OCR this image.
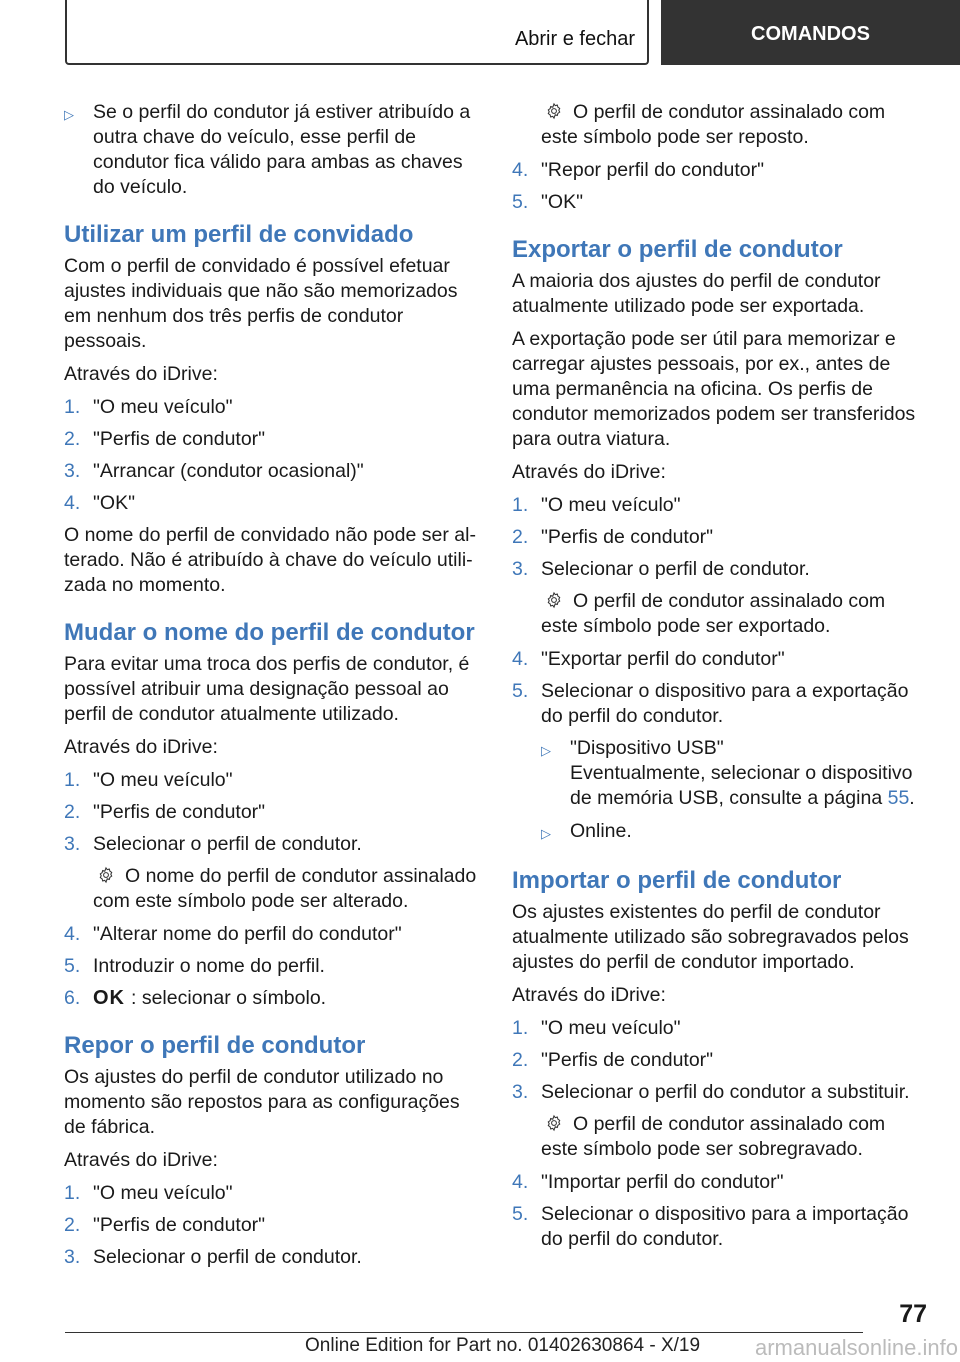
Abrir e fechar	COMANDOS
▷ Se o perfil do condutor já estiver atribuído a outra chave do veículo, esse perfil de condutor fica válido para ambas as chaves do veículo.
Utilizar um perfil de convidado

Com o perfil de convidado é possível efetuar ajustes individuais que não são memorizados em nenhum dos três perfis de condutor pessoais.

Através do iDrive:

1. "O meu veículo"
2. "Perfis de condutor"
3. "Arrancar (condutor ocasional)"
4. "OK"

O nome do perfil de convidado não pode ser alterado. Não é atribuído à chave do veículo utilizada no momento.

Mudar o nome do perfil de condutor

Para evitar uma troca dos perfis de condutor, é possível atribuir uma designação pessoal ao perfil de condutor atualmente utilizado.

Através do iDrive:

1. "O meu veículo"
2. "Perfis de condutor"
3. Selecionar o perfil de condutor.
O nome do perfil de condutor assinalado com este símbolo pode ser alterado.
4. "Alterar nome do perfil do condutor"
5. Introduzir o nome do perfil.
6. OK : selecionar o símbolo.
Repor o perfil de condutor

Os ajustes do perfil de condutor utilizado no momento são repostos para as configurações de fábrica.

Através do iDrive:

1. "O meu veículo"
2. "Perfis de condutor"
3. Selecionar o perfil de condutor.
O perfil de condutor assinalado com este símbolo pode ser reposto.
4. "Repor perfil do condutor"
5. "OK"
Exportar o perfil de condutor

A maioria dos ajustes do perfil de condutor atualmente utilizado pode ser exportada.

A exportação pode ser útil para memorizar e carregar ajustes pessoais, por ex., antes de uma permanência na oficina. Os perfis de condutor memorizados podem ser transferidos para outra viatura.

Através do iDrive:

1. "O meu veículo"
2. "Perfis de condutor"
3. Selecionar o perfil de condutor.
O perfil de condutor assinalado com este símbolo pode ser exportado.
4. "Exportar perfil do condutor"
5. Selecionar o dispositivo para a exportação do perfil do condutor.
▷ "Dispositivo USB"
Eventualmente, selecionar o dispositivo de memória USB, consulte a página 55.
▷ Online.
Importar o perfil de condutor

Os ajustes existentes do perfil de condutor atualmente utilizado são sobregravados pelos ajustes do perfil de condutor importado.

Através do iDrive:

1. "O meu veículo"
2. "Perfis de condutor"
3. Selecionar o perfil do condutor a substituir.
O perfil de condutor assinalado com este símbolo pode ser sobregravado.
4. "Importar perfil do condutor"
5. Selecionar o dispositivo para a importação do perfil do condutor.
77
Online Edition for Part no. 01402630864 - X/19 armanualsonline.info
